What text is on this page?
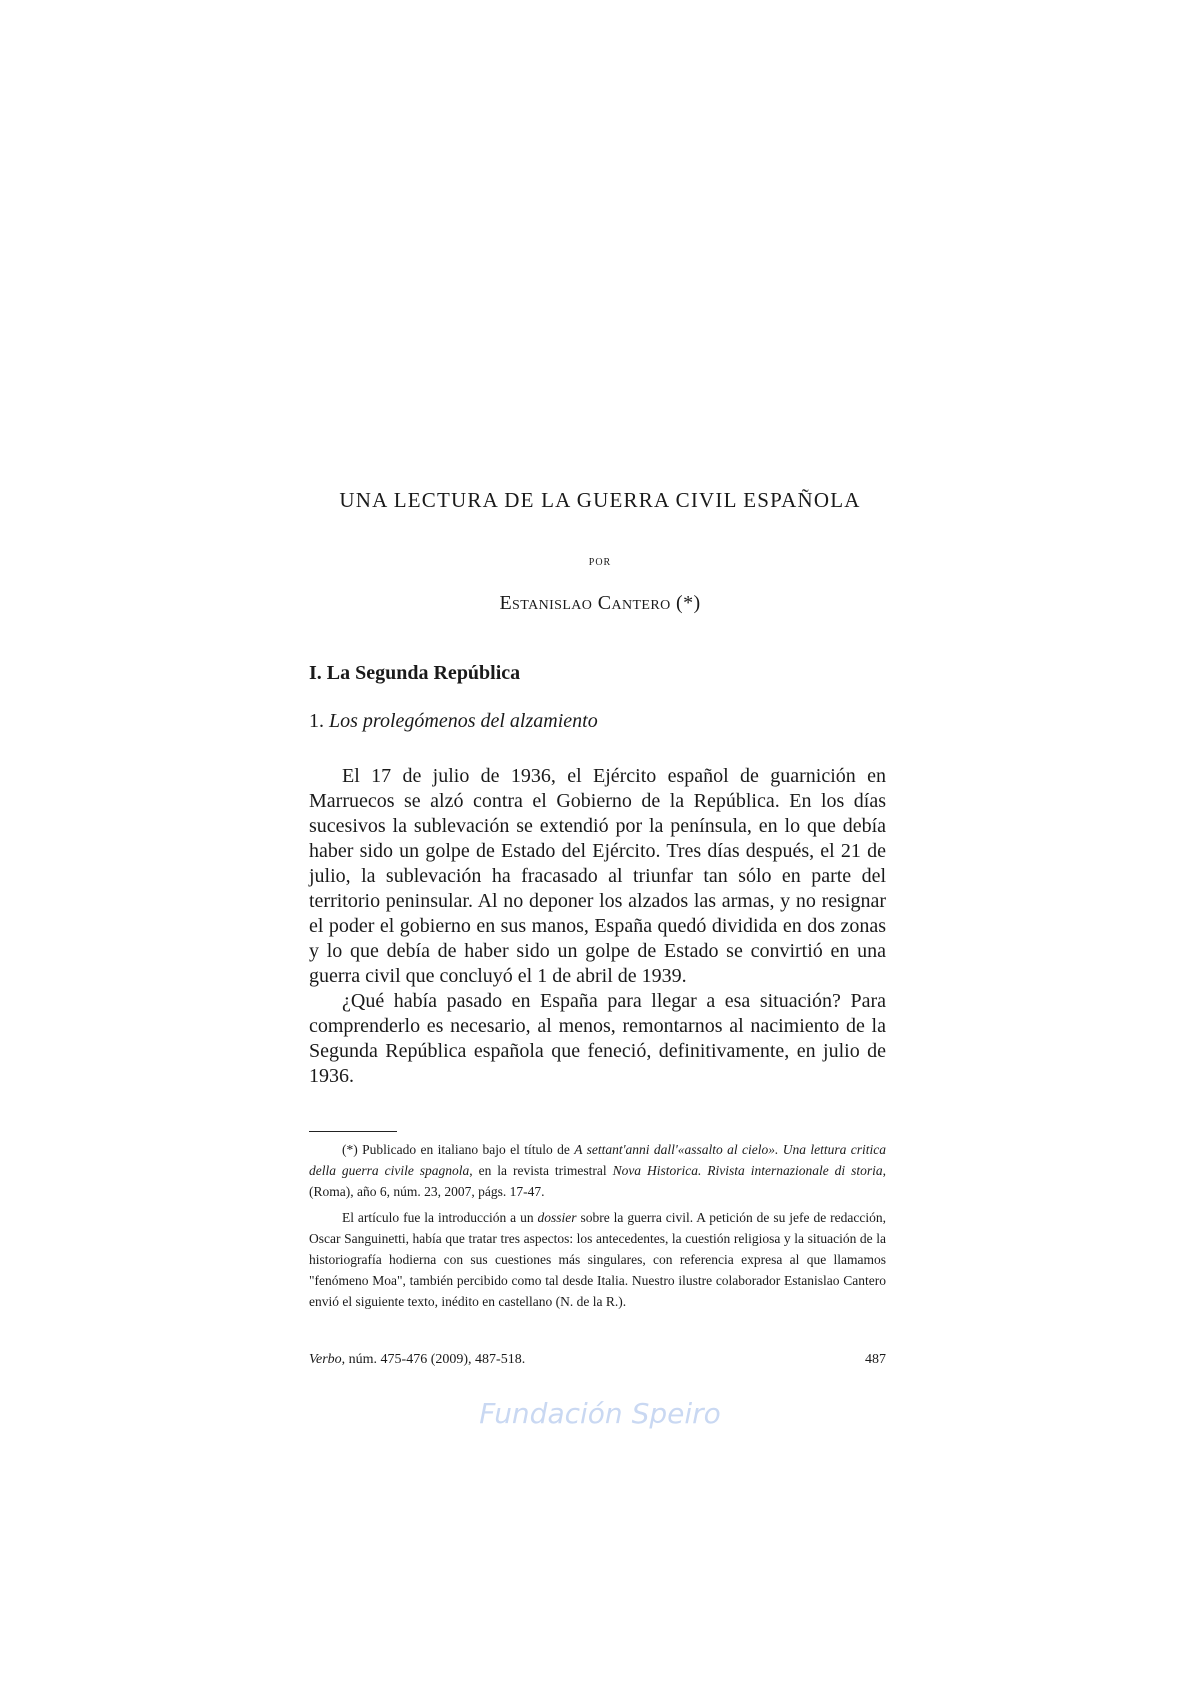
UNA LECTURA DE LA GUERRA CIVIL ESPAÑOLA
POR
Estanislao Cantero (*)
I. La Segunda República
1. Los prolegómenos del alzamiento

El 17 de julio de 1936, el Ejército español de guarnición en Marruecos se alzó contra el Gobierno de la República. En los días sucesivos la sublevación se extendió por la península, en lo que debía haber sido un golpe de Estado del Ejército. Tres días después, el 21 de julio, la sublevación ha fracasado al triunfar tan sólo en parte del territorio peninsular. Al no deponer los alzados las armas, y no resignar el poder el gobierno en sus manos, España quedó dividida en dos zonas y lo que debía de haber sido un golpe de Estado se convirtió en una guerra civil que concluyó el 1 de abril de 1939.

¿Qué había pasado en España para llegar a esa situación? Para comprenderlo es necesario, al menos, remontarnos al nacimiento de la Segunda República española que feneció, definitivamente, en julio de 1936.

(*) Publicado en italiano bajo el título de A settant'anni dall'«assalto al cielo». Una lettura critica della guerra civile spagnola, en la revista trimestral Nova Historica. Rivista internazionale di storia, (Roma), año 6, núm. 23, 2007, págs. 17-47.

El artículo fue la introducción a un dossier sobre la guerra civil. A petición de su jefe de redacción, Oscar Sanguinetti, había que tratar tres aspectos: los antecedentes, la cuestión religiosa y la situación de la historiografía hodierna con sus cuestiones más singulares, con referencia expresa al que llamamos "fenómeno Moa", también percibido como tal desde Italia. Nuestro ilustre colaborador Estanislao Cantero envió el siguiente texto, inédito en castellano (N. de la R.).

Verbo, núm. 475-476 (2009), 487-518.	487
Fundación Speiro
